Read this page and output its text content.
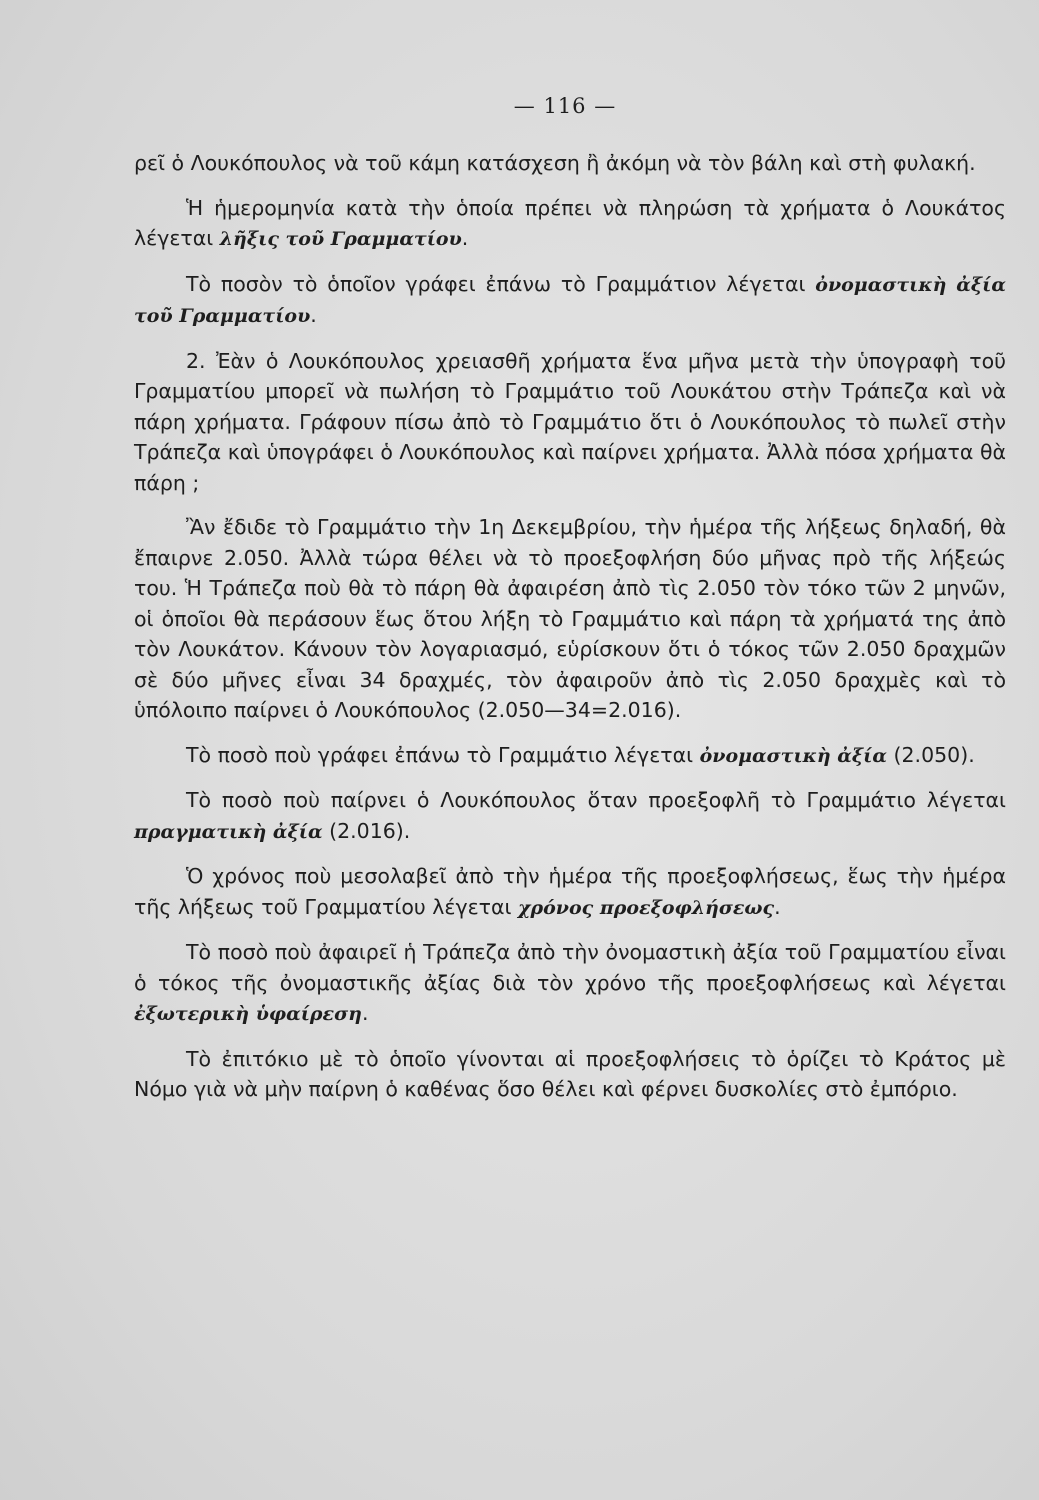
— 116 —

ρεῖ ὁ Λουκόπουλος νὰ τοῦ κάμη κατάσχεση ἢ ἀκόμη νὰ τὸν βάλη καὶ στὴ φυλακή.

Ἡ ἡμερομηνία κατὰ τὴν ὁποία πρέπει νὰ πληρώση τὰ χρήματα ὁ Λουκάτος λέγεται λῆξις τοῦ Γραμματίου.

Τὸ ποσὸν τὸ ὁποῖον γράφει ἐπάνω τὸ Γραμμάτιον λέγεται ὀνομαστικὴ ἀξία τοῦ Γραμματίου.

2. Ἐὰν ὁ Λουκόπουλος χρειασθῆ χρήματα ἕνα μῆνα μετὰ τὴν ὑπογραφὴ τοῦ Γραμματίου μπορεῖ νὰ πωλήση τὸ Γραμμάτιο τοῦ Λουκάτου στὴν Τράπεζα καὶ νὰ πάρη χρήματα. Γράφουν πίσω ἀπὸ τὸ Γραμμάτιο ὅτι ὁ Λουκόπουλος τὸ πωλεῖ στὴν Τράπεζα καὶ ὑπογράφει ὁ Λουκόπουλος καὶ παίρνει χρήματα. Ἀλλὰ πόσα χρήματα θὰ πάρη ;

Ἂν ἔδιδε τὸ Γραμμάτιο τὴν 1η Δεκεμβρίου, τὴν ἡμέρα τῆς λήξεως δηλαδή, θὰ ἔπαιρνε 2.050. Ἀλλὰ τώρα θέλει νὰ τὸ προεξοφλήση δύο μῆνας πρὸ τῆς λήξεώς του. Ἡ Τράπεζα ποὺ θὰ τὸ πάρη θὰ ἀφαιρέση ἀπὸ τὶς 2.050 τὸν τόκο τῶν 2 μηνῶν, οἱ ὁποῖοι θὰ περάσουν ἕως ὅτου λήξη τὸ Γραμμάτιο καὶ πάρη τὰ χρήματά της ἀπὸ τὸν Λουκάτον. Κάνουν τὸν λογαριασμό, εὑρίσκουν ὅτι ὁ τόκος τῶν 2.050 δραχμῶν σὲ δύο μῆνες εἶναι 34 δραχμές, τὸν ἀφαιροῦν ἀπὸ τὶς 2.050 δραχμὲς καὶ τὸ ὑπόλοιπο παίρνει ὁ Λουκόπουλος (2.050—34=2.016).

Τὸ ποσὸ ποὺ γράφει ἐπάνω τὸ Γραμμάτιο λέγεται ὀνομαστικὴ ἀξία (2.050).

Τὸ ποσὸ ποὺ παίρνει ὁ Λουκόπουλος ὅταν προεξοφλῆ τὸ Γραμμάτιο λέγεται πραγματικὴ ἀξία (2.016).

Ὁ χρόνος ποὺ μεσολαβεῖ ἀπὸ τὴν ἡμέρα τῆς προεξοφλήσεως, ἕως τὴν ἡμέρα τῆς λήξεως τοῦ Γραμματίου λέγεται χρόνος προεξοφλήσεως.

Τὸ ποσὸ ποὺ ἀφαιρεῖ ἡ Τράπεζα ἀπὸ τὴν ὀνομαστικὴ ἀξία τοῦ Γραμματίου εἶναι ὁ τόκος τῆς ὀνομαστικῆς ἀξίας διὰ τὸν χρόνο τῆς προεξοφλήσεως καὶ λέγεται ἐξωτερικὴ ὑφαίρεση.

Τὸ ἐπιτόκιο μὲ τὸ ὁποῖο γίνονται αἱ προεξοφλήσεις τὸ ὁρίζει τὸ Κράτος μὲ Νόμο γιὰ νὰ μὴν παίρνη ὁ καθένας ὅσο θέλει καὶ φέρνει δυσκολίες στὸ ἐμπόριο.
